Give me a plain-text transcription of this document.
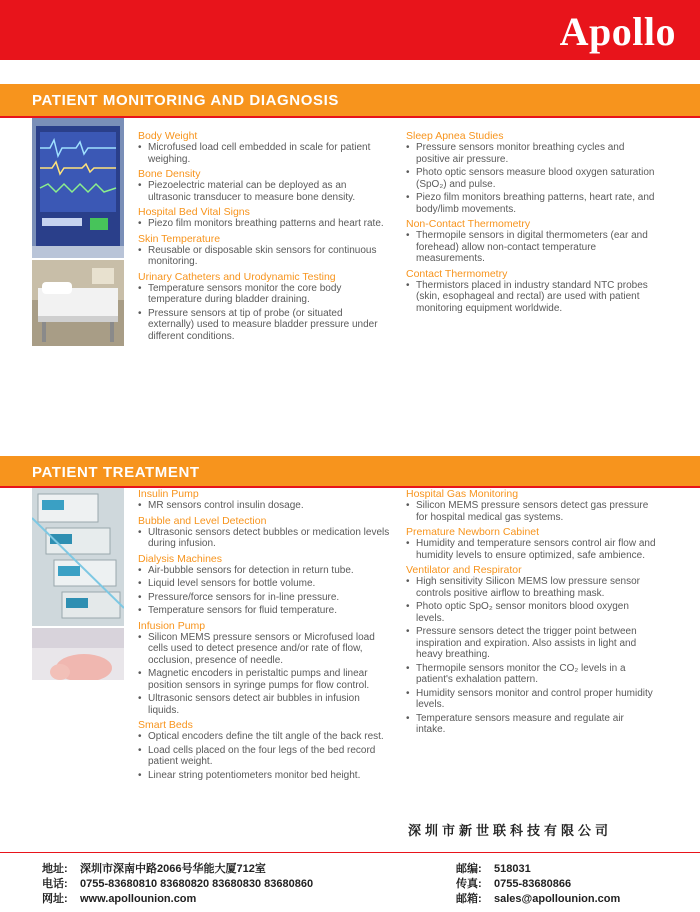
Apollo
PATIENT MONITORING AND DIAGNOSIS
Body Weight
• Microfused load cell embedded in scale for patient weighing.
Bone Density
• Piezoelectric material can be deployed as an ultrasonic transducer to measure bone density.
Hospital Bed Vital Signs
• Piezo film monitors breathing patterns and heart rate.
Skin Temperature
• Reusable or disposable skin sensors for continuous monitoring.
Urinary Catheters and Urodynamic Testing
• Temperature sensors monitor the core body temperature during bladder draining.
• Pressure sensors at tip of probe (or situated externally) used to measure bladder pressure under different conditions.
Sleep Apnea Studies
• Pressure sensors monitor breathing cycles and positive air pressure.
• Photo optic sensors measure blood oxygen saturation (SpO₂) and pulse.
• Piezo film monitors breathing patterns, heart rate, and body/limb movements.
Non-Contact Thermometry
• Thermopile sensors in digital thermometers (ear and forehead) allow non-contact temperature measurements.
Contact Thermometry
• Thermistors placed in industry standard NTC probes (skin, esophageal and rectal) are used with patient monitoring equipment worldwide.
PATIENT TREATMENT
Insulin Pump
• MR sensors control insulin dosage.
Bubble and Level Detection
• Ultrasonic sensors detect bubbles or medication levels during infusion.
Dialysis Machines
• Air-bubble sensors for detection in return tube.
• Liquid level sensors for bottle volume.
• Pressure/force sensors for in-line pressure.
• Temperature sensors for fluid temperature.
Infusion Pump
• Silicon MEMS pressure sensors or Microfused load cells used to detect presence and/or rate of flow, occlusion, presence of needle.
• Magnetic encoders in peristaltic pumps and linear position sensors in syringe pumps for flow control.
• Ultrasonic sensors detect air bubbles in infusion liquids.
Smart Beds
• Optical encoders define the tilt angle of the back rest.
• Load cells placed on the four legs of the bed record patient weight.
• Linear string potentiometers monitor bed height.
Hospital Gas Monitoring
• Silicon MEMS pressure sensors detect gas pressure for hospital medical gas systems.
Premature Newborn Cabinet
• Humidity and temperature sensors control air flow and humidity levels to ensure optimized, safe ambience.
Ventilator and Respirator
• High sensitivity Silicon MEMS low pressure sensor controls positive airflow to breathing mask.
• Photo optic SpO₂ sensor monitors blood oxygen levels.
• Pressure sensors detect the trigger point between inspiration and expiration. Also assists in light and heavy breathing.
• Thermopile sensors monitor the CO₂ levels in a patient's exhalation pattern.
• Humidity sensors monitor and control proper humidity levels.
• Temperature sensors measure and regulate air intake.
深圳市新世联科技有限公司
地址: 深圳市深南中路2066号华能大厦712室
电话: 0755-83680810 83680820 83680830 83680860
网址: www.apollounion.com
邮编: 518031
传真: 0755-83680866
邮箱: sales@apollounion.com
